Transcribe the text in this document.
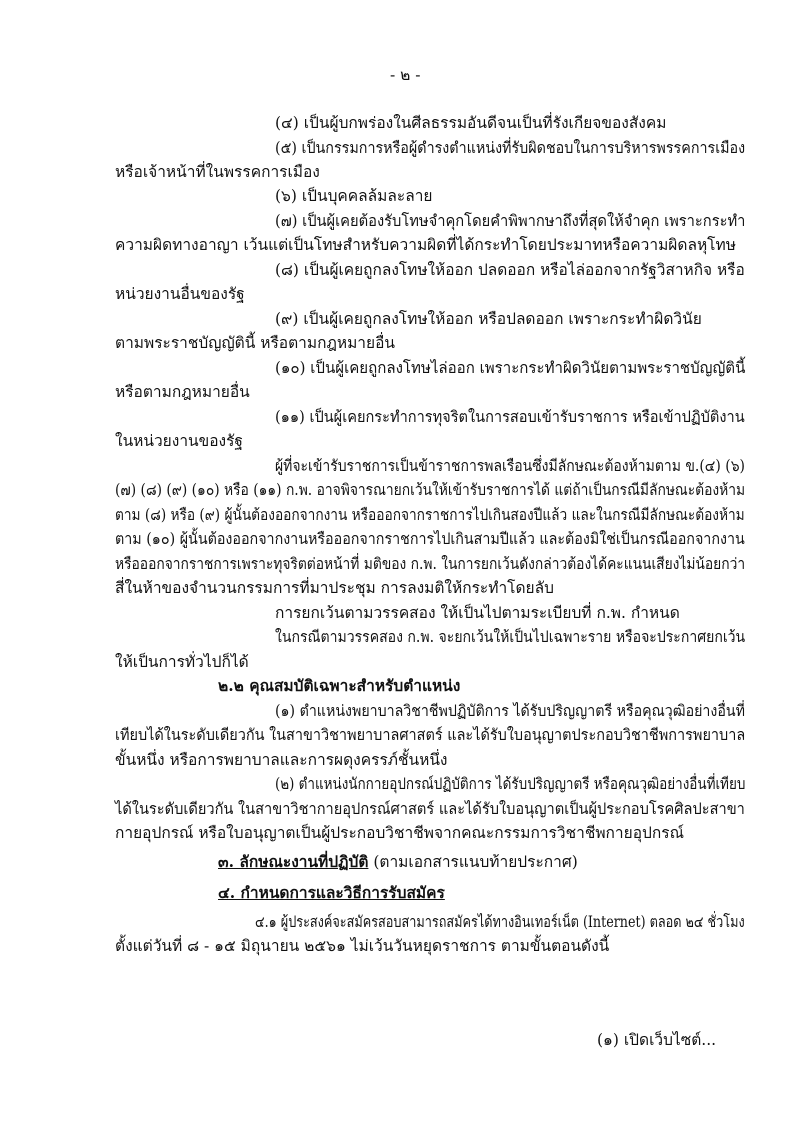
- ๒ -
(๔) เป็นผู้บกพร่องในศีลธรรมอันดีจนเป็นที่รังเกียจของสังคม
(๕) เป็นกรรมการหรือผู้ดำรงตำแหน่งที่รับผิดชอบในการบริหารพรรคการเมือง
หรือเจ้าหน้าที่ในพรรคการเมือง
(๖) เป็นบุคคลล้มละลาย
(๗) เป็นผู้เคยต้องรับโทษจำคุกโดยคำพิพากษาถึงที่สุดให้จำคุก เพราะกระทำ
ความผิดทางอาญา เว้นแต่เป็นโทษสำหรับความผิดที่ได้กระทำโดยประมาทหรือความผิดลหุโทษ
(๘) เป็นผู้เคยถูกลงโทษให้ออก ปลดออก หรือไล่ออกจากรัฐวิสาหกิจ หรือ
หน่วยงานอื่นของรัฐ
(๙) เป็นผู้เคยถูกลงโทษให้ออก หรือปลดออก เพราะกระทำผิดวินัย
ตามพระราชบัญญัตินี้ หรือตามกฎหมายอื่น
(๑๐) เป็นผู้เคยถูกลงโทษไล่ออก เพราะกระทำผิดวินัยตามพระราชบัญญัตินี้
หรือตามกฎหมายอื่น
(๑๑) เป็นผู้เคยกระทำการทุจริตในการสอบเข้ารับราชการ หรือเข้าปฏิบัติงาน
ในหน่วยงานของรัฐ
ผู้ที่จะเข้ารับราชการเป็นข้าราชการพลเรือนซึ่งมีลักษณะต้องห้ามตาม ข.(๔) (๖)
(๗) (๘) (๙) (๑๐) หรือ (๑๑) ก.พ. อาจพิจารณายกเว้นให้เข้ารับราชการได้ แต่ถ้าเป็นกรณีมีลักษณะต้องห้าม
ตาม (๘) หรือ (๙) ผู้นั้นต้องออกจากงาน หรือออกจากราชการไปเกินสองปีแล้ว และในกรณีมีลักษณะต้องห้าม
ตาม (๑๐) ผู้นั้นต้องออกจากงานหรือออกจากราชการไปเกินสามปีแล้ว และต้องมิใช่เป็นกรณีออกจากงาน
หรือออกจากราชการเพราะทุจริตต่อหน้าที่ มติของ ก.พ. ในการยกเว้นดังกล่าวต้องได้คะแนนเสียงไม่น้อยกว่า
สี่ในห้าของจำนวนกรรมการที่มาประชุม การลงมติให้กระทำโดยลับ
การยกเว้นตามวรรคสอง ให้เป็นไปตามระเบียบที่ ก.พ. กำหนด
ในกรณีตามวรรคสอง ก.พ. จะยกเว้นให้เป็นไปเฉพาะราย หรือจะประกาศยกเว้น
ให้เป็นการทั่วไปก็ได้
๒.๒ คุณสมบัติเฉพาะสำหรับตำแหน่ง
(๑) ตำแหน่งพยาบาลวิชาชีพปฏิบัติการ ได้รับปริญญาตรี หรือคุณวุฒิอย่างอื่นที่
เทียบได้ในระดับเดียวกัน ในสาขาวิชาพยาบาลศาสตร์ และได้รับใบอนุญาตประกอบวิชาชีพการพยาบาล
ขั้นหนึ่ง หรือการพยาบาลและการผดุงครรภ์ชั้นหนึ่ง
(๒) ตำแหน่งนักกายอุปกรณ์ปฏิบัติการ ได้รับปริญญาตรี หรือคุณวุฒิอย่างอื่นที่เทียบ
ได้ในระดับเดียวกัน ในสาขาวิชากายอุปกรณ์ศาสตร์ และได้รับใบอนุญาตเป็นผู้ประกอบโรคศิลปะสาขา
กายอุปกรณ์ หรือใบอนุญาตเป็นผู้ประกอบวิชาชีพจากคณะกรรมการวิชาชีพกายอุปกรณ์
๓. ลักษณะงานที่ปฏิบัติ (ตามเอกสารแนบท้ายประกาศ)
๔. กำหนดการและวิธีการรับสมัคร
๔.๑ ผู้ประสงค์จะสมัครสอบสามารถสมัครได้ทางอินเทอร์เน็ต (Internet) ตลอด ๒๔ ชั่วโมง
ตั้งแต่วันที่ ๘ - ๑๕ มิถุนายน ๒๕๖๑ ไม่เว้นวันหยุดราชการ ตามขั้นตอนดังนี้
(๑) เปิดเว็บไซต์...
